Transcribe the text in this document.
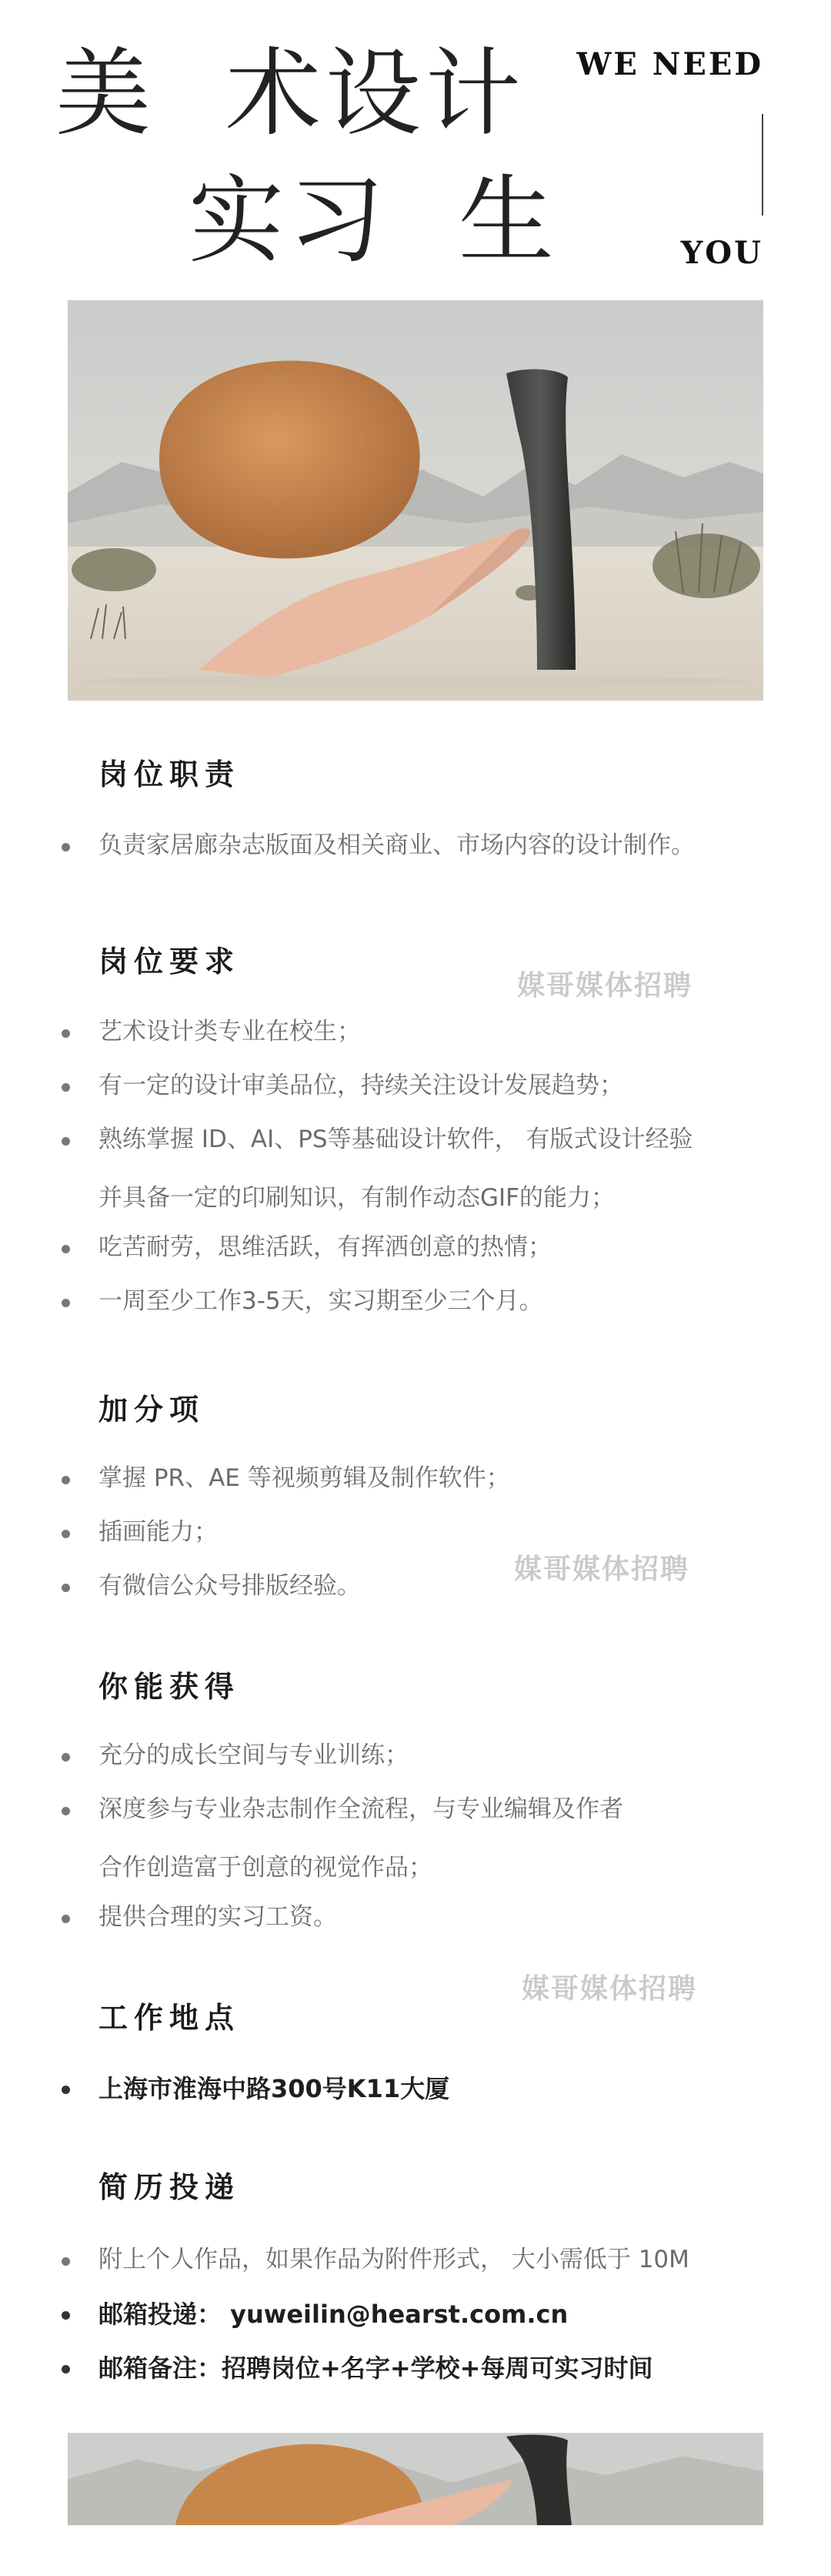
美  术设计
实习  生
WE NEED
YOU
岗位职责
负责家居廊杂志版面及相关商业、市场内容的设计制作。
岗位要求
媒哥媒体招聘
艺术设计类专业在校生；
有一定的设计审美品位，持续关注设计发展趋势；
熟练掌握 ID、AI、PS等基础设计软件， 有版式设计经验
并具备一定的印刷知识，有制作动态GIF的能力；
吃苦耐劳，思维活跃，有挥洒创意的热情；
一周至少工作3-5天，实习期至少三个月。
加分项
掌握 PR、AE 等视频剪辑及制作软件；
插画能力；
媒哥媒体招聘
有微信公众号排版经验。
你能获得
充分的成长空间与专业训练；
深度参与专业杂志制作全流程，与专业编辑及作者
合作创造富于创意的视觉作品；
提供合理的实习工资。
工作地点
媒哥媒体招聘
上海市淮海中路300号K11大厦
简历投递
附上个人作品，如果作品为附件形式， 大小需低于 10M
邮箱投递： yuweilin@hearst.com.cn
邮箱备注：招聘岗位+名字+学校+每周可实习时间
